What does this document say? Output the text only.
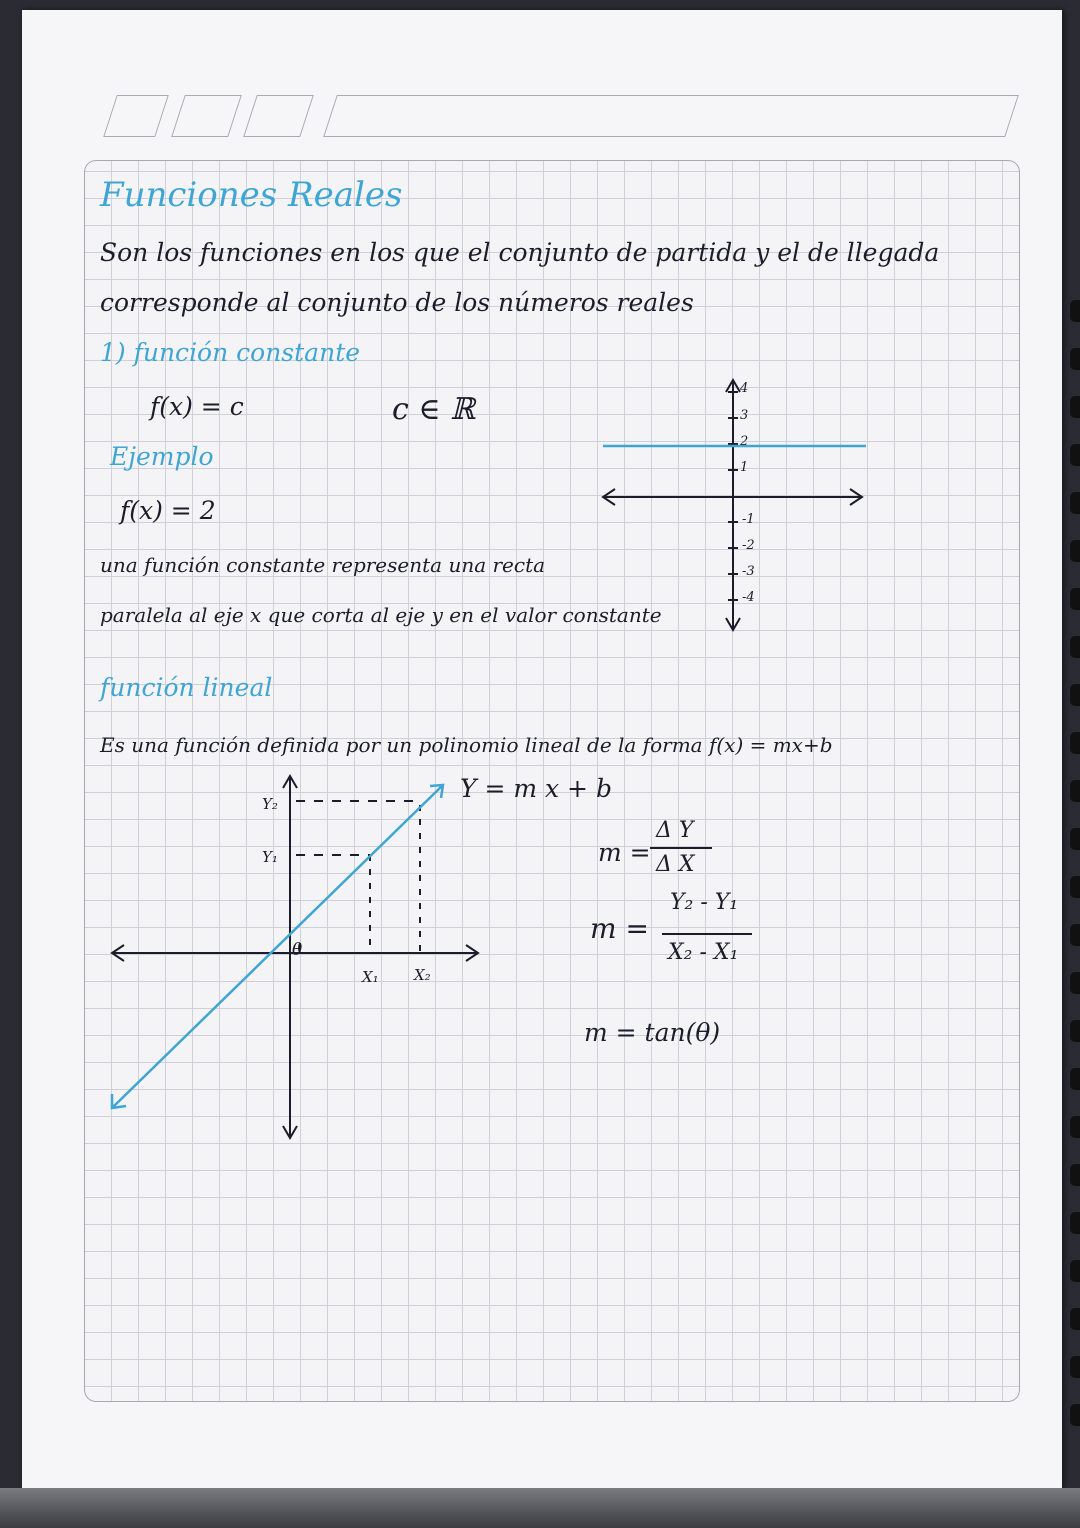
Funciones Reales
Son los funciones en los que el conjunto de partida y el de llegada
corresponde al conjunto de los números reales
1) función constante
f(x) = c	c ∈ ℝ
Ejemplo
f(x) = 2
una función constante representa una recta
paralela al eje x que corta al eje y en el valor constante
4
3
2
1
-1
-2
-3
-4
función lineal
Es una función definida por un polinomio lineal de la forma f(x) = mx+b
Y = m x + b
Y₂
Y₁
X₁ X₂
θ
m =
Δ Y
Δ X
m =
Y₂ - Y₁
X₂ - X₁
m = tan(θ)
